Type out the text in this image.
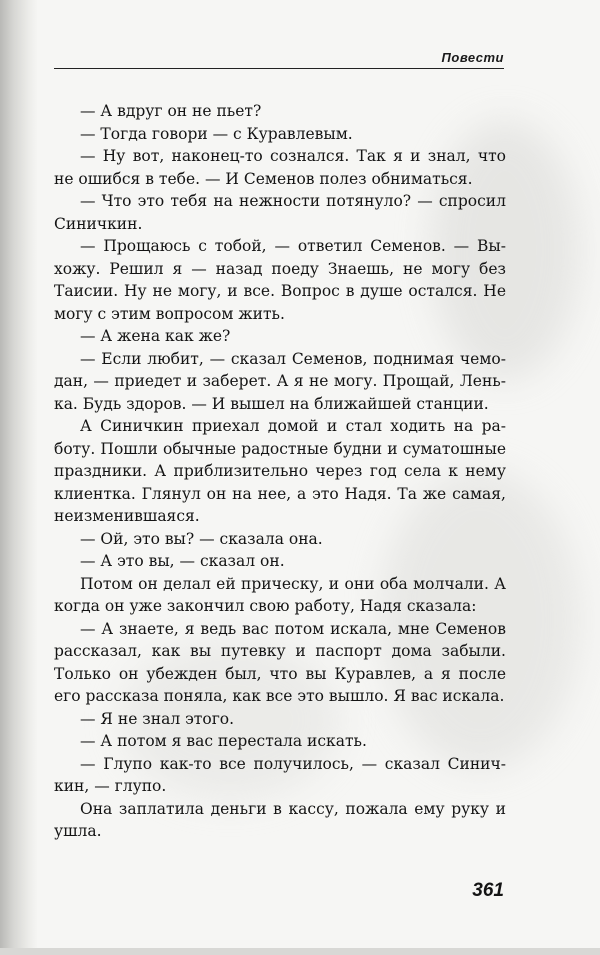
Повести

— А вдруг он не пьет?

— Тогда говори — с Куравлевым.

— Ну вот, наконец-то сознался. Так я и знал, что не ошибся в тебе. — И Семенов полез обниматься.

— Что это тебя на нежности потянуло? — спросил Синичкин.

— Прощаюсь с тобой, — ответил Семенов. — Выхожу. Решил я — назад поеду Знаешь, не могу без Таисии. Ну не могу, и все. Вопрос в душе остался. Не могу с этим вопросом жить.

— А жена как же?

— Если любит, — сказал Семенов, поднимая чемодан, — приедет и заберет. А я не могу. Прощай, Ленька. Будь здоров. — И вышел на ближайшей станции.

А Синичкин приехал домой и стал ходить на работу. Пошли обычные радостные будни и суматошные праздники. А приблизительно через год села к нему клиентка. Глянул он на нее, а это Надя. Та же самая, неизменившаяся.

— Ой, это вы? — сказала она.

— А это вы, — сказал он.

Потом он делал ей прическу, и они оба молчали. А когда он уже закончил свою работу, Надя сказала:

— А знаете, я ведь вас потом искала, мне Семенов рассказал, как вы путевку и паспорт дома забыли. Только он убежден был, что вы Куравлев, а я после его рассказа поняла, как все это вышло. Я вас искала.

— Я не знал этого.

— А потом я вас перестала искать.

— Глупо как-то все получилось, — сказал Синичкин, — глупо.

Она заплатила деньги в кассу, пожала ему руку и ушла.

361
